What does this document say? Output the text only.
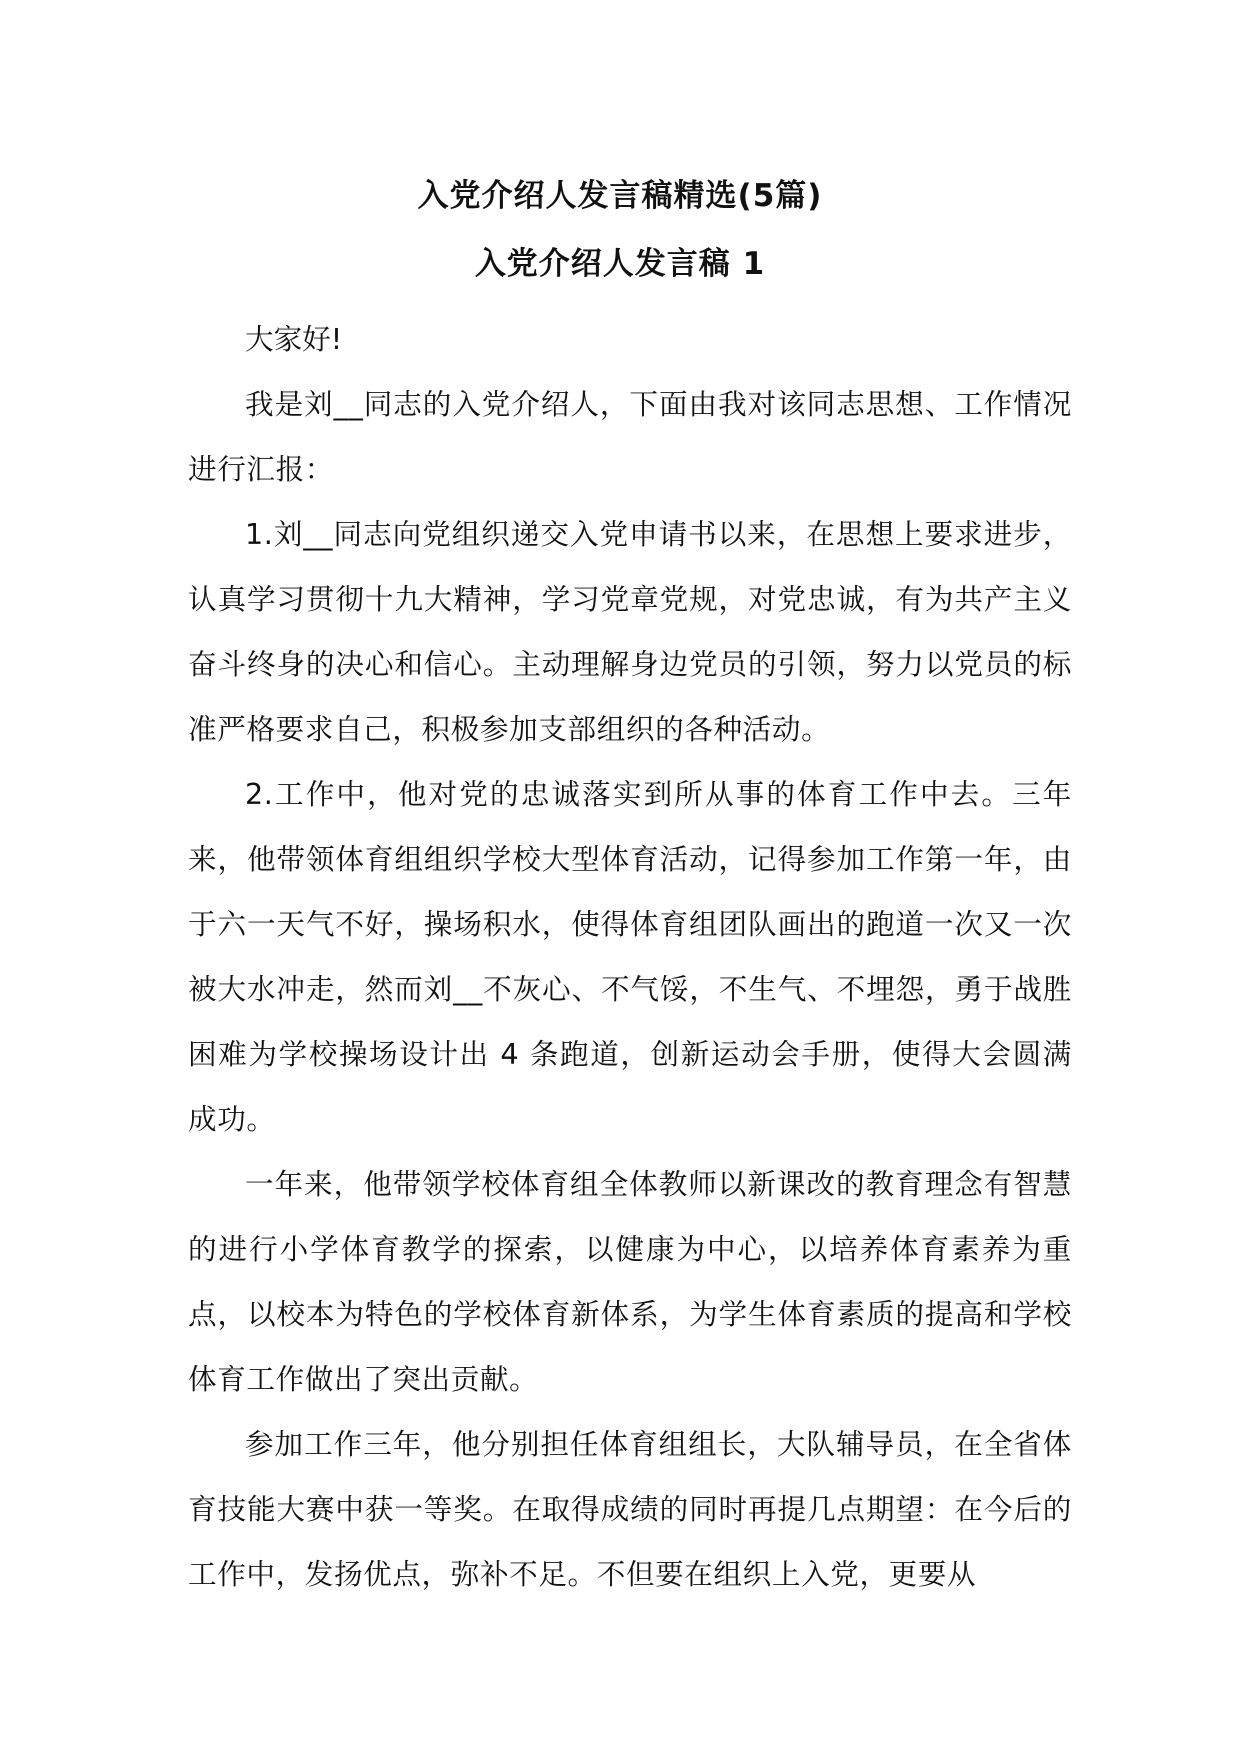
入党介绍人发言稿精选(5篇)
入党介绍人发言稿 1

大家好!

我是刘__同志的入党介绍人，下面由我对该同志思想、工作情况进行汇报：

1.刘__同志向党组织递交入党申请书以来，在思想上要求进步，认真学习贯彻十九大精神，学习党章党规，对党忠诚，有为共产主义奋斗终身的决心和信心。主动理解身边党员的引领，努力以党员的标准严格要求自己，积极参加支部组织的各种活动。

2.工作中，他对党的忠诚落实到所从事的体育工作中去。三年来，他带领体育组组织学校大型体育活动，记得参加工作第一年，由于六一天气不好，操场积水，使得体育组团队画出的跑道一次又一次被大水冲走，然而刘__不灰心、不气馁，不生气、不埋怨，勇于战胜困难为学校操场设计出 4 条跑道，创新运动会手册，使得大会圆满成功。

一年来，他带领学校体育组全体教师以新课改的教育理念有智慧的进行小学体育教学的探索，以健康为中心，以培养体育素养为重点，以校本为特色的学校体育新体系，为学生体育素质的提高和学校体育工作做出了突出贡献。

参加工作三年，他分别担任体育组组长，大队辅导员，在全省体育技能大赛中获一等奖。在取得成绩的同时再提几点期望：在今后的工作中，发扬优点，弥补不足。不但要在组织上入党，更要从
